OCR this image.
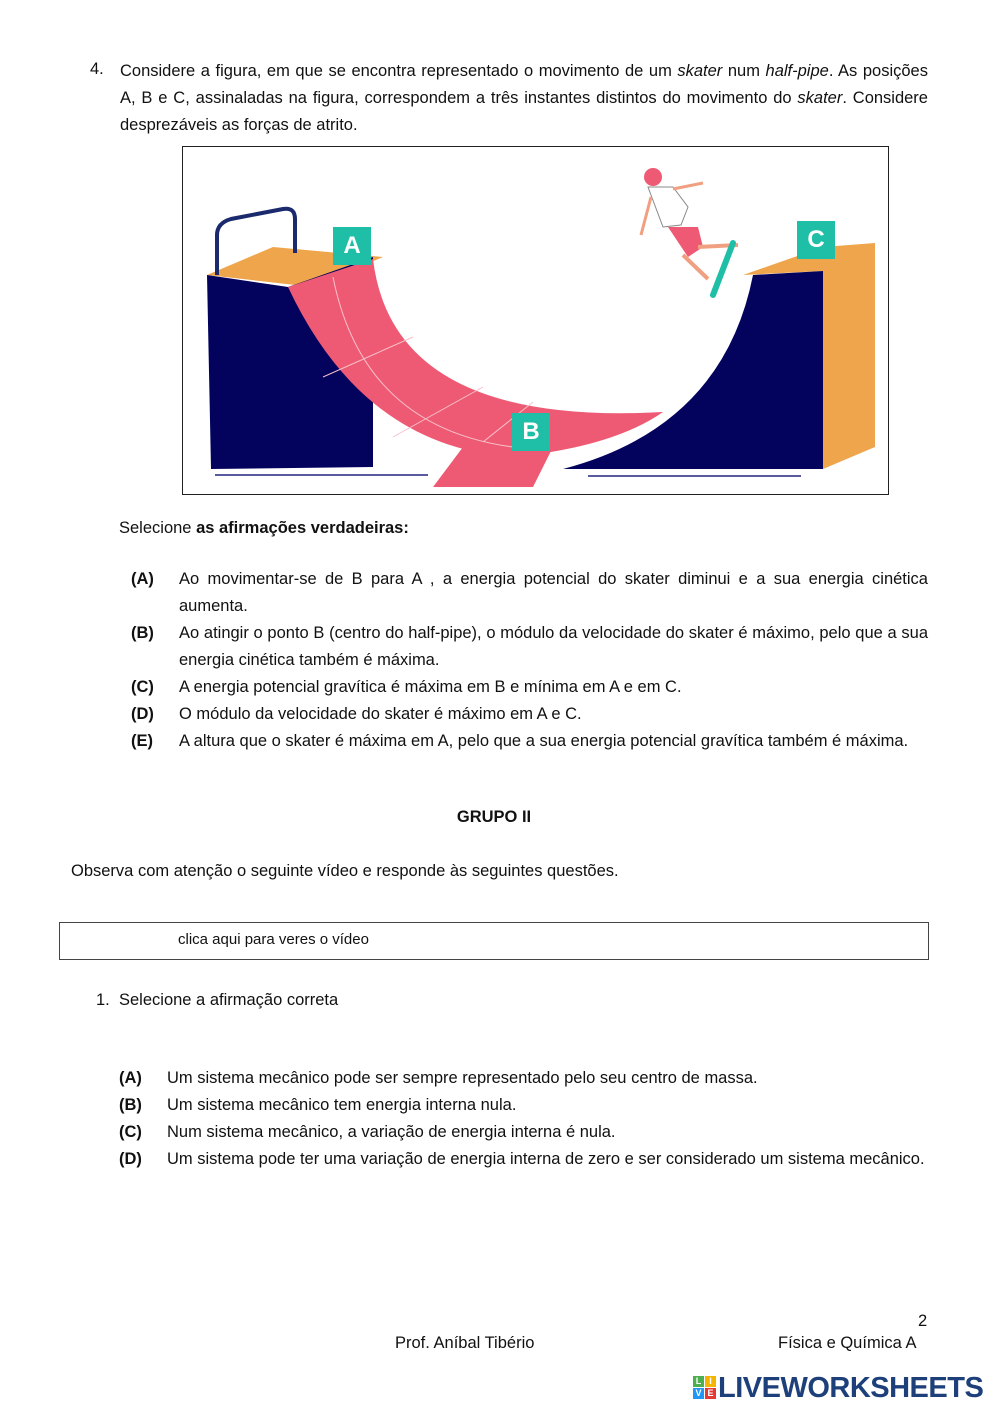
4. Considere a figura, em que se encontra representado o movimento de um skater num half-pipe. As posições A, B e C, assinaladas na figura, correspondem a três instantes distintos do movimento do skater. Considere desprezáveis as forças de atrito.
A
B
C
Selecione as afirmações verdadeiras:
(A) Ao movimentar-se de B para A , a energia potencial do skater diminui e a sua energia cinética aumenta.
(B) Ao atingir o ponto B (centro do half-pipe), o módulo da velocidade do skater é máximo, pelo que a sua energia cinética também é máxima.
(C) A energia potencial gravítica é máxima em B e mínima em A e em C.
(D) O módulo da velocidade do skater é máximo em A e C.
(E) A altura que o skater é máxima em A, pelo que a sua energia potencial gravítica também é máxima.
GRUPO II
Observa com atenção o seguinte vídeo e responde às seguintes questões.
clica aqui para veres o vídeo
1. Selecione a afirmação correta
(A) Um sistema mecânico pode ser sempre representado pelo seu centro de massa.
(B) Um sistema mecânico tem energia interna nula.
(C) Num sistema mecânico, a variação de energia interna é nula.
(D) Um sistema pode ter uma variação de energia interna de zero e ser considerado um sistema mecânico.
2
Prof. Aníbal Tibério	Física e Química A
L I
V E LIVEWORKSHEETS
